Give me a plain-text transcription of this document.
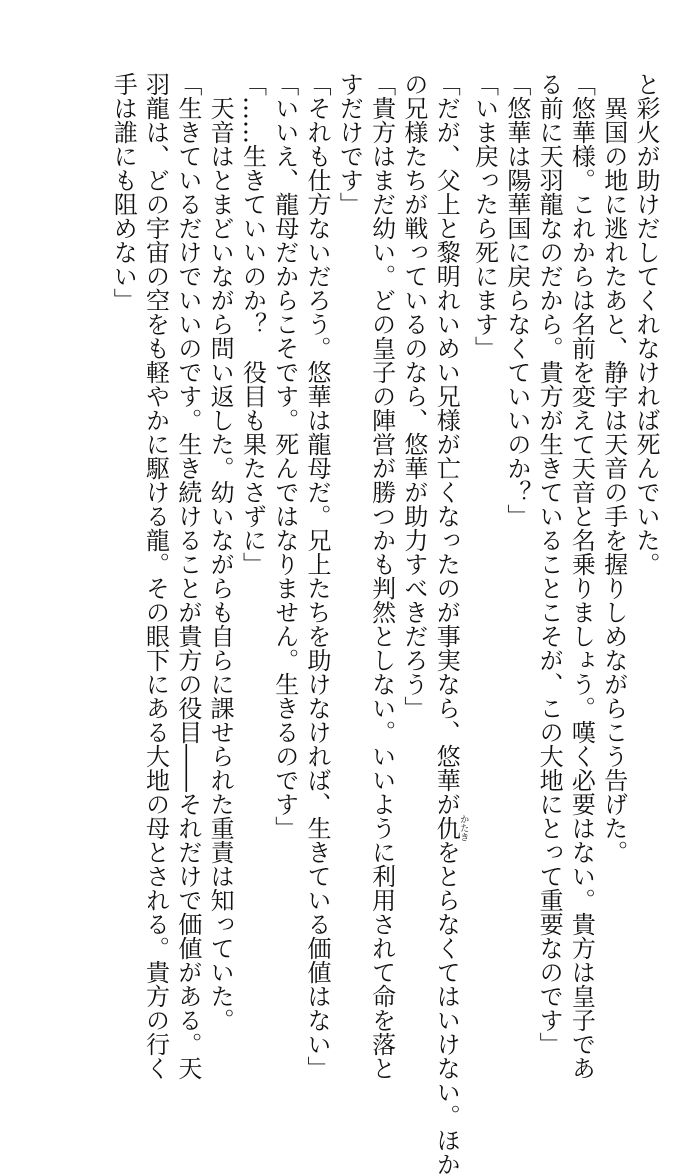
と彩火が助けだしてくれなければ死んでいた。
　異国の地に逃れたあと、静宇は天音の手を握りしめながらこう告げた。
「悠華様。これからは名前を変えて天音と名乗りましょう。嘆く必要はない。貴方は皇子であ
る前に天羽龍なのだから。貴方が生きていることこそが、この大地にとって重要なのです」
「悠華は陽華国に戻らなくていいのか？」
「いま戻ったら死にます」
「だが、父上と黎明れいめい兄様が亡くなったのが事実なら、悠華が仇かたきをとらなくてはいけない。ほか
の兄様たちが戦っているのなら、悠華が助力すべきだろう」
「貴方はまだ幼い。どの皇子の陣営が勝つかも判然としない。いいように利用されて命を落と
すだけです」
「それも仕方ないだろう。悠華は龍母だ。兄上たちを助けなければ、生きている価値はない」
「いいえ、龍母だからこそです。死んではなりません。生きるのです」
「……生きていいのか？　役目も果たさずに」
　天音はとまどいながら問い返した。幼いながらも自らに課せられた重責は知っていた。
「生きているだけでいいのです。生き続けることが貴方の役目――それだけで価値がある。天
羽龍は、どの宇宙の空をも軽やかに駆ける龍。その眼下にある大地の母とされる。貴方の行く
手は誰にも阻めない」
